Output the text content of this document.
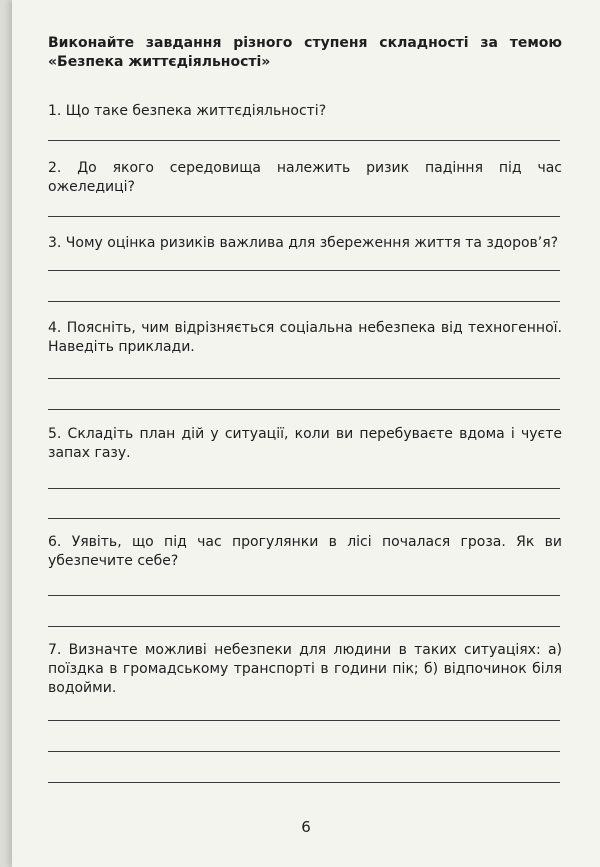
Виконайте завдання різного ступеня складності за темою «Безпека життєдіяльності»

1. Що таке безпека життєдіяльності?

2. До якого середовища належить ризик падіння під час ожеледиці?

3. Чому оцінка ризиків важлива для збереження життя та здоров’я?

4. Поясніть, чим відрізняється соціальна небезпека від техногенної. Наведіть приклади.

5. Складіть план дій у ситуації, коли ви перебуваєте вдома і чуєте запах газу.

6. Уявіть, що під час прогулянки в лісі почалася гроза. Як ви убезпечите себе?

7. Визначте можливі небезпеки для людини в таких ситуаціях: а) поїздка в громадському транспорті в години пік; б) відпочинок біля водойми.

6
